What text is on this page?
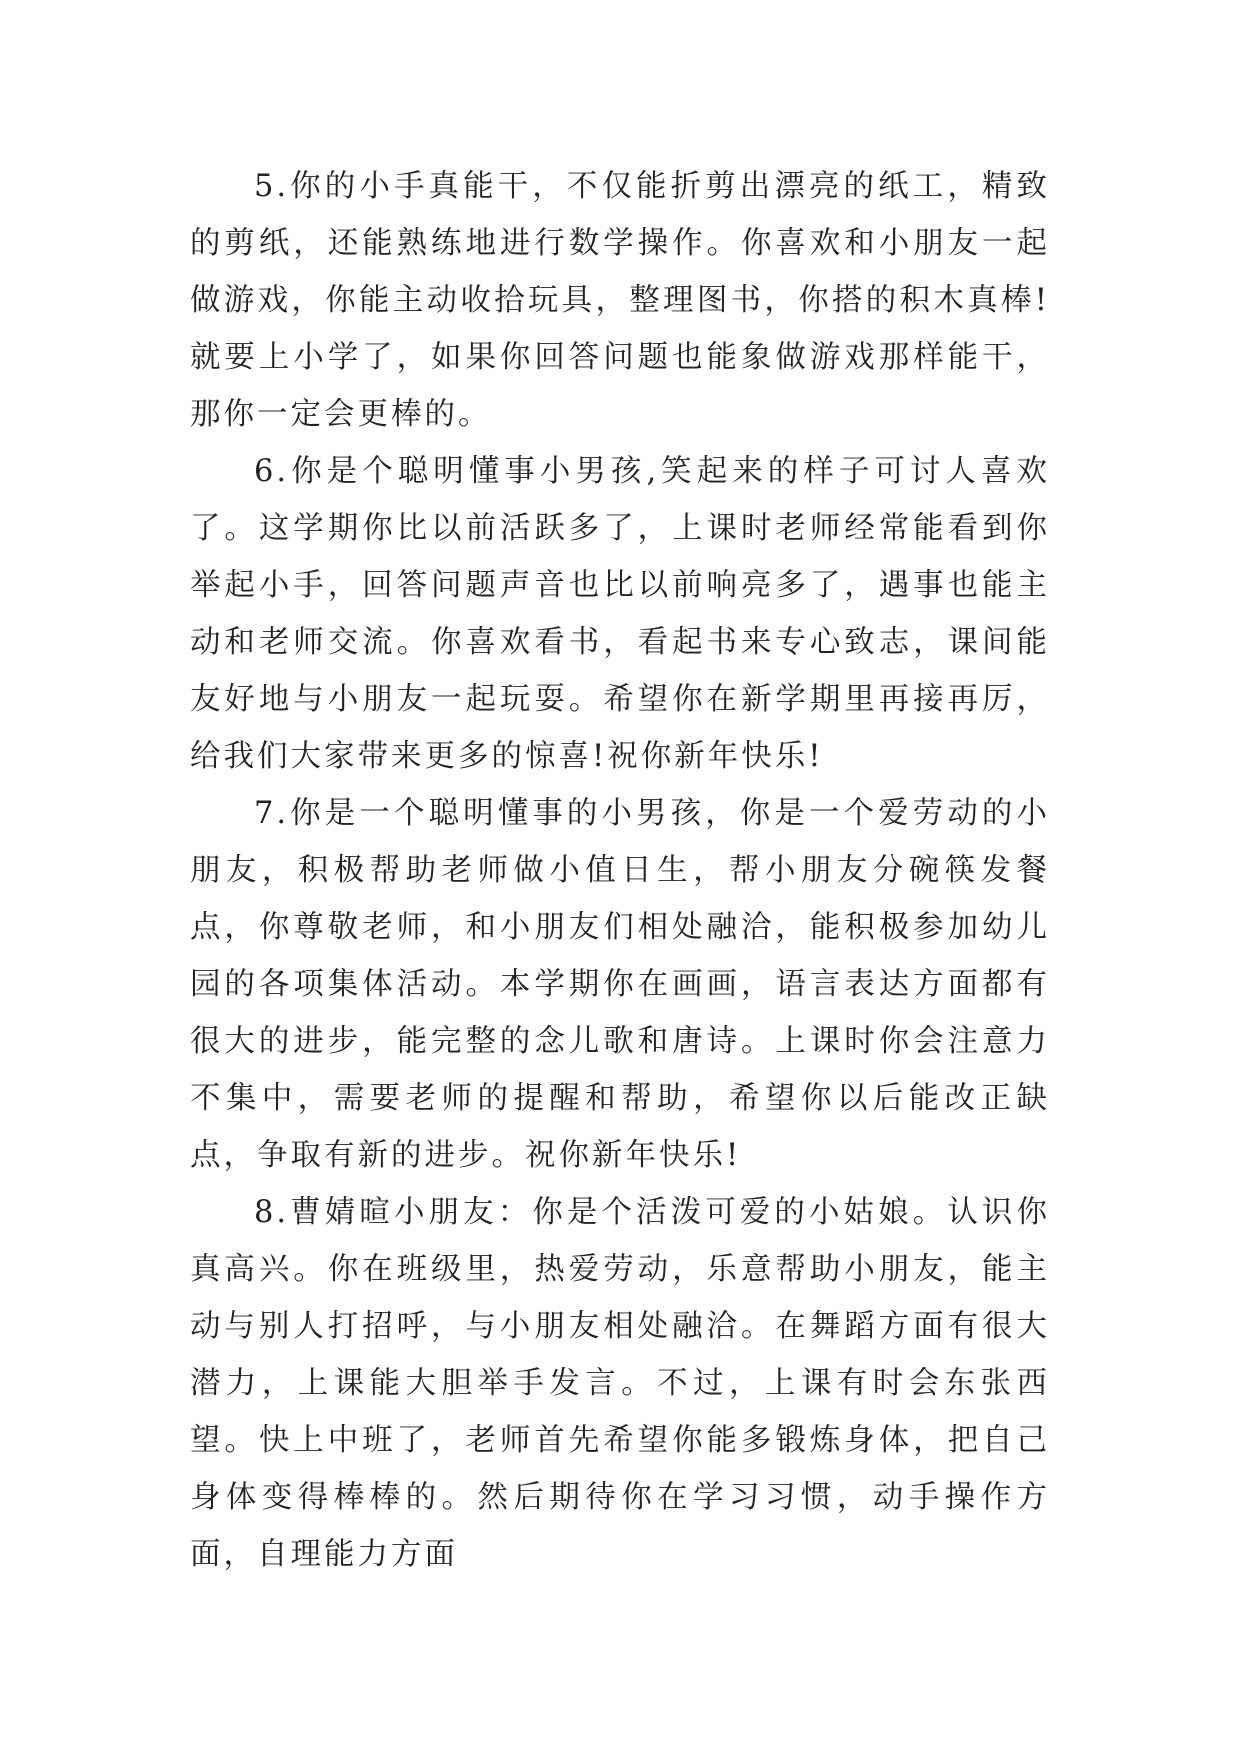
5.你的小手真能干，不仅能折剪出漂亮的纸工，精致的剪纸，还能熟练地进行数学操作。你喜欢和小朋友一起做游戏，你能主动收拾玩具，整理图书，你搭的积木真棒!就要上小学了，如果你回答问题也能象做游戏那样能干，那你一定会更棒的。

6.你是个聪明懂事小男孩,笑起来的样子可讨人喜欢了。这学期你比以前活跃多了，上课时老师经常能看到你举起小手，回答问题声音也比以前响亮多了，遇事也能主动和老师交流。你喜欢看书，看起书来专心致志，课间能友好地与小朋友一起玩耍。希望你在新学期里再接再厉，给我们大家带来更多的惊喜!祝你新年快乐!

7.你是一个聪明懂事的小男孩，你是一个爱劳动的小朋友，积极帮助老师做小值日生，帮小朋友分碗筷发餐点，你尊敬老师，和小朋友们相处融洽，能积极参加幼儿园的各项集体活动。本学期你在画画，语言表达方面都有很大的进步，能完整的念儿歌和唐诗。上课时你会注意力不集中，需要老师的提醒和帮助，希望你以后能改正缺点，争取有新的进步。祝你新年快乐!

8.曹婧暄小朋友：你是个活泼可爱的小姑娘。认识你真高兴。你在班级里，热爱劳动，乐意帮助小朋友，能主动与别人打招呼，与小朋友相处融洽。在舞蹈方面有很大潜力，上课能大胆举手发言。不过，上课有时会东张西望。快上中班了，老师首先希望你能多锻炼身体，把自己身体变得棒棒的。然后期待你在学习习惯，动手操作方面，自理能力方面
